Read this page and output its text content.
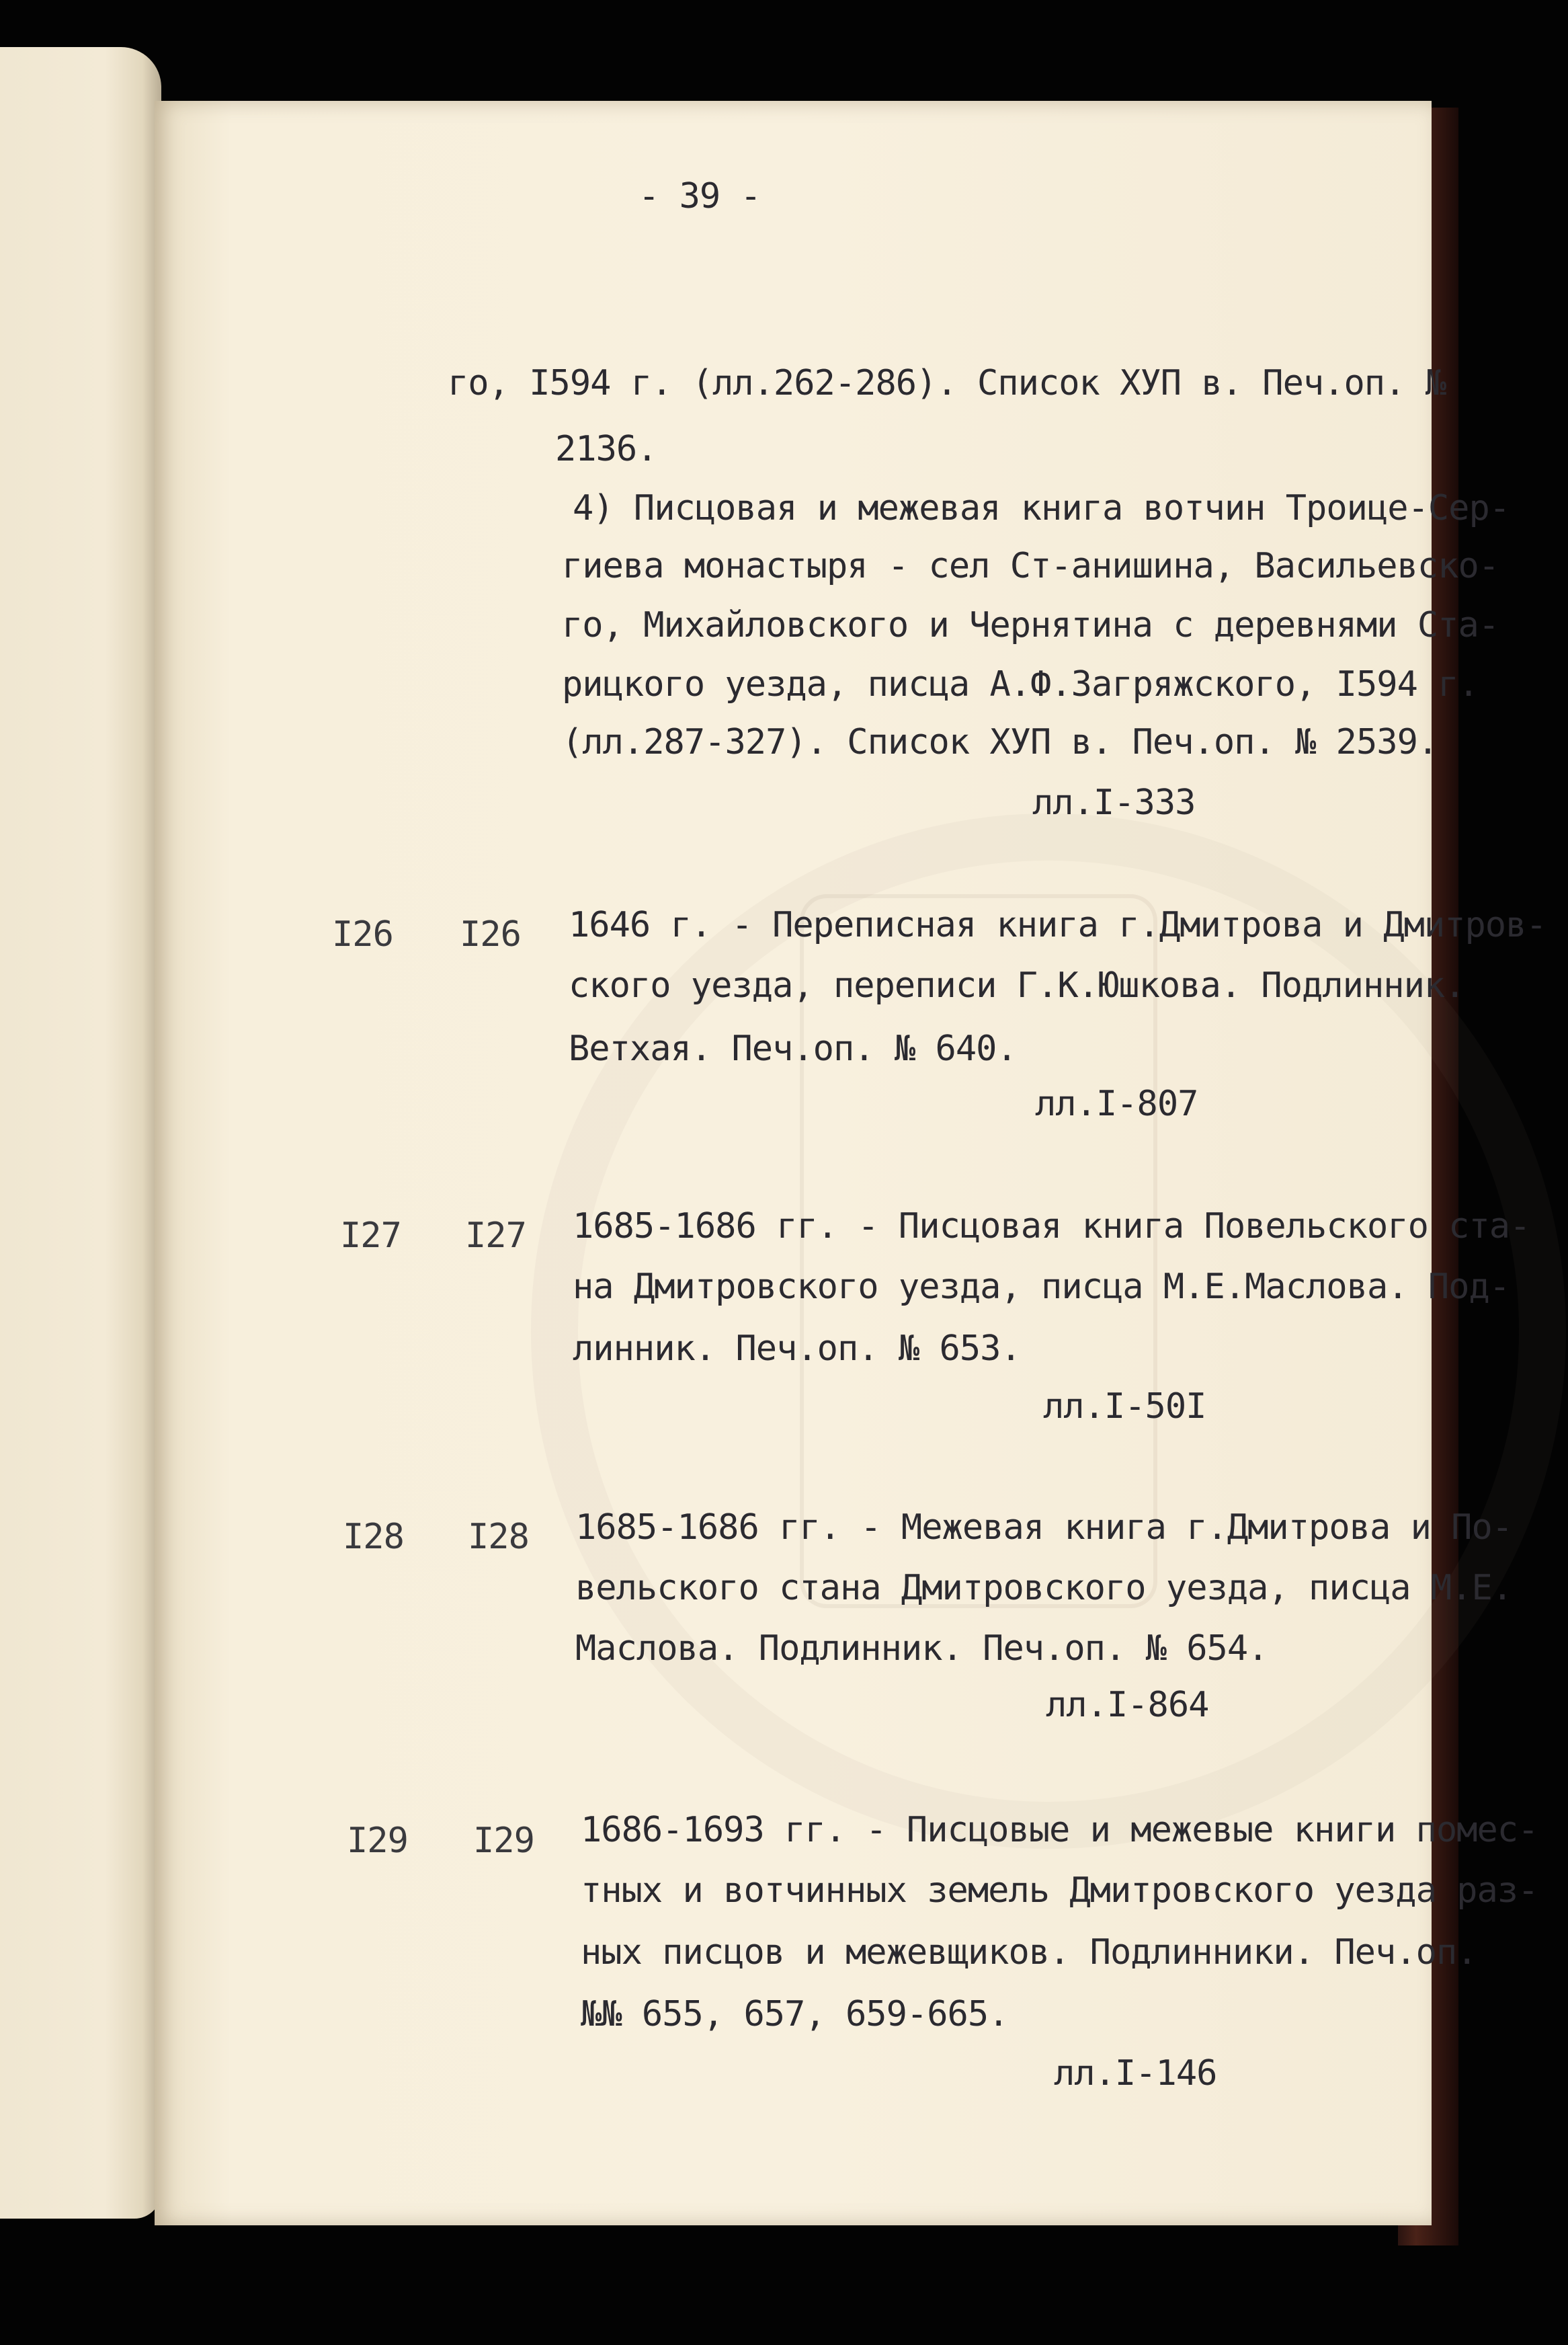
- 39 -
го, I594 г. (лл.262-286). Список ХУП в. Печ.оп. №
2136.
4) Писцовая и межевая книга вотчин Троице-Сер-
гиева монастыря - сел Ст-анишина, Васильевско-
го, Михайловского и Чернятина с деревнями Ста-
рицкого уезда, писца А.Ф.Загряжского, I594 г.
(лл.287-327). Список ХУП в. Печ.оп. № 2539.
лл.I-333
I26 I26 1646 г. - Переписная книга г.Дмитрова и Дмитров-
ского уезда, переписи Г.К.Юшкова. Подлинник.
Ветхая. Печ.оп. № 640.
лл.I-807
I27 I27 1685-1686 гг. - Писцовая книга Повельского ста-
на Дмитровского уезда, писца М.Е.Маслова. Под-
линник. Печ.оп. № 653.
лл.I-50I
I28 I28 1685-1686 гг. - Межевая книга г.Дмитрова и По-
вельского стана Дмитровского уезда, писца М.Е.
Маслова. Подлинник. Печ.оп. № 654.
лл.I-864
I29 I29 1686-1693 гг. - Писцовые и межевые книги помес-
тных и вотчинных земель Дмитровского уезда раз-
ных писцов и межевщиков. Подлинники. Печ.оп.
№№ 655, 657, 659-665.
лл.I-146
